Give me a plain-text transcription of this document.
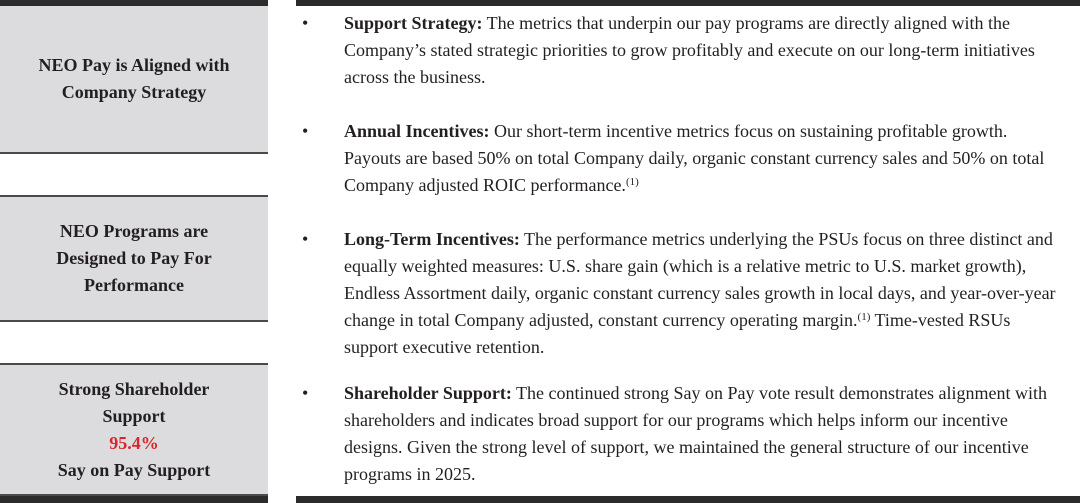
NEO Pay is Aligned with
Company Strategy
NEO Programs are
Designed to Pay For
Performance
Strong Shareholder
Support
95.4%
Say on Pay Support
• Support Strategy: The metrics that underpin our pay programs are directly aligned with the Company’s stated strategic priorities to grow profitably and execute on our long-term initiatives across the business.
• Annual Incentives: Our short-term incentive metrics focus on sustaining profitable growth. Payouts are based 50% on total Company daily, organic constant currency sales and 50% on total Company adjusted ROIC performance.$^{(1)}$
• Long-Term Incentives: The performance metrics underlying the PSUs focus on three distinct and equally weighted measures: U.S. share gain (which is a relative metric to U.S. market growth), Endless Assortment daily, organic constant currency sales growth in local days, and year-over-year change in total Company adjusted, constant currency operating margin.$^{(1)}$ Time-vested RSUs support executive retention.
• Shareholder Support: The continued strong Say on Pay vote result demonstrates alignment with shareholders and indicates broad support for our programs which helps inform our incentive designs. Given the strong level of support, we maintained the general structure of our incentive programs in 2025.
